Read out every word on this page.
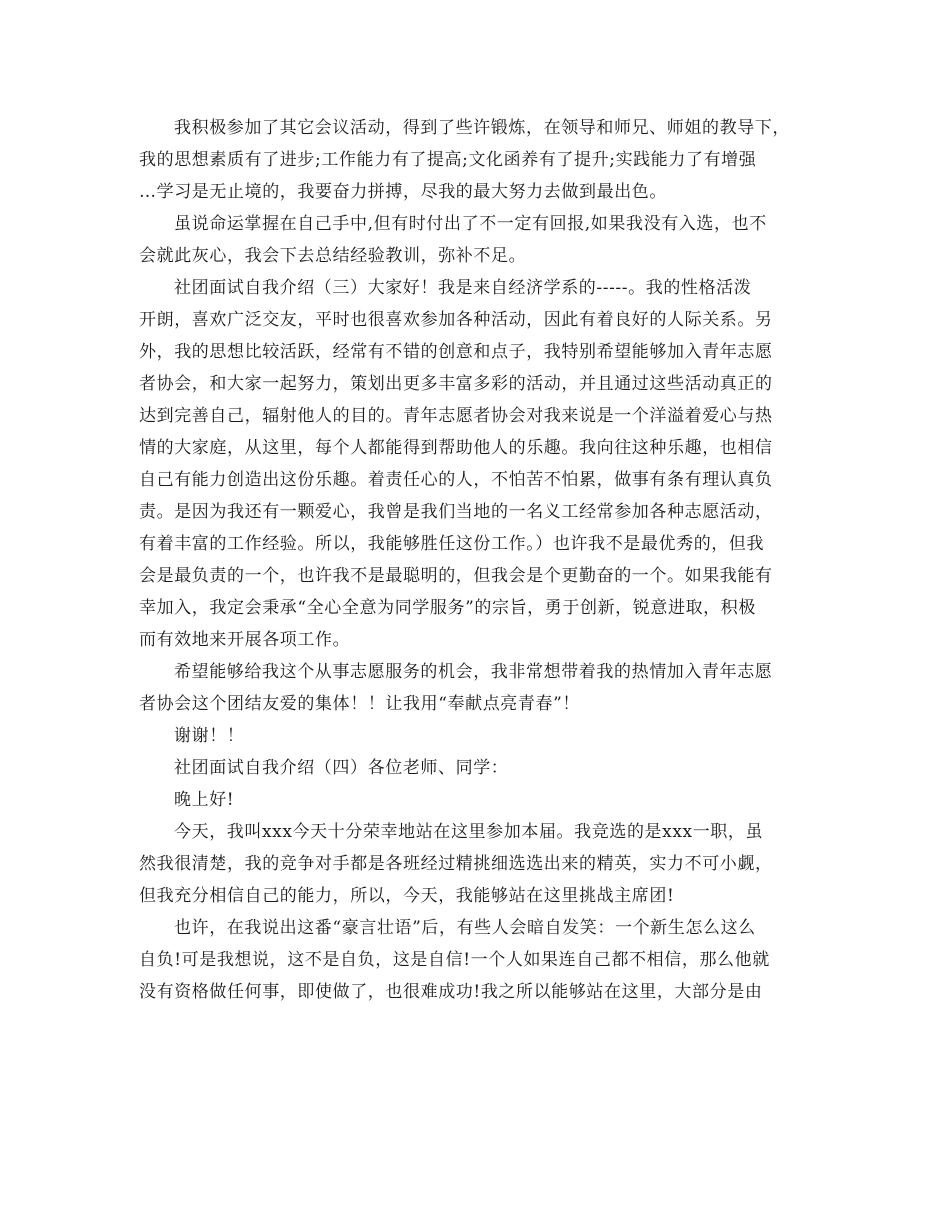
我积极参加了其它会议活动，得到了些许锻炼，在领导和师兄、师姐的教导下，
我的思想素质有了进步;工作能力有了提高;文化函养有了提升;实践能力了有增强
…学习是无止境的，我要奋力拼搏，尽我的最大努力去做到最出色。
虽说命运掌握在自己手中,但有时付出了不一定有回报,如果我没有入选，也不
会就此灰心，我会下去总结经验教训，弥补不足。
社团面试自我介绍（三）大家好！我是来自经济学系的-----。我的性格活泼
开朗，喜欢广泛交友，平时也很喜欢参加各种活动，因此有着良好的人际关系。另
外，我的思想比较活跃，经常有不错的创意和点子，我特别希望能够加入青年志愿
者协会，和大家一起努力，策划出更多丰富多彩的活动，并且通过这些活动真正的
达到完善自己，辐射他人的目的。青年志愿者协会对我来说是一个洋溢着爱心与热
情的大家庭，从这里，每个人都能得到帮助他人的乐趣。我向往这种乐趣，也相信
自己有能力创造出这份乐趣。着责任心的人，不怕苦不怕累，做事有条有理认真负
责。是因为我还有一颗爱心，我曾是我们当地的一名义工经常参加各种志愿活动，
有着丰富的工作经验。所以，我能够胜任这份工作。）也许我不是最优秀的，但我
会是最负责的一个，也许我不是最聪明的，但我会是个更勤奋的一个。如果我能有
幸加入，我定会秉承“全心全意为同学服务”的宗旨，勇于创新，锐意进取，积极
而有效地来开展各项工作。
希望能够给我这个从事志愿服务的机会，我非常想带着我的热情加入青年志愿
者协会这个团结友爱的集体！！让我用“奉献点亮青春”！
谢谢！！
社团面试自我介绍（四）各位老师、同学：
晚上好!
今天，我叫xxx今天十分荣幸地站在这里参加本届。我竞选的是xxx一职，虽
然我很清楚，我的竞争对手都是各班经过精挑细选选出来的精英，实力不可小觑，
但我充分相信自己的能力，所以，今天，我能够站在这里挑战主席团!
也许，在我说出这番“豪言壮语”后，有些人会暗自发笑：一个新生怎么这么
自负!可是我想说，这不是自负，这是自信!一个人如果连自己都不相信，那么他就
没有资格做任何事，即使做了，也很难成功!我之所以能够站在这里，大部分是由
